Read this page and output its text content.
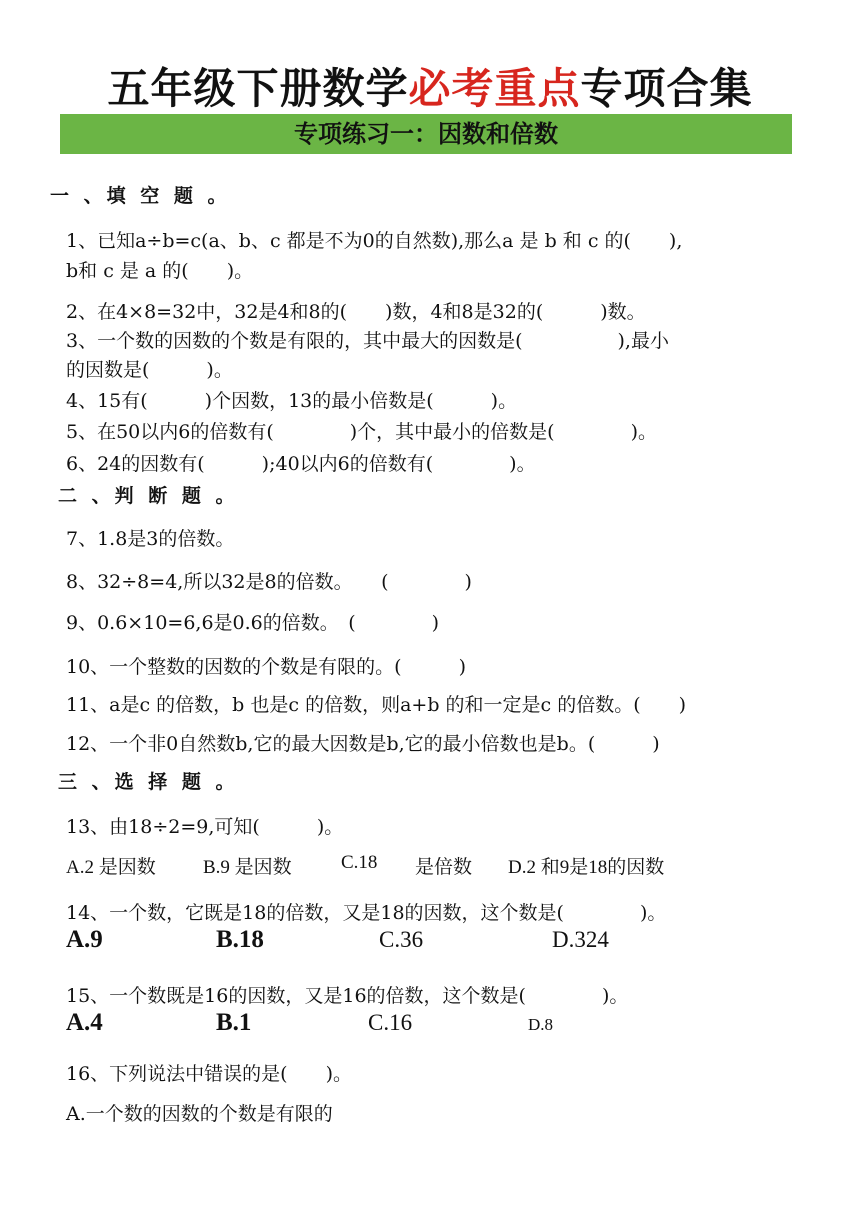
五年级下册数学必考重点专项合集
专项练习一：因数和倍数
一 、填 空 题 。
1、已知a÷b=c(a、b、c 都是不为0的自然数),那么a 是 b 和 c 的(　　),
b和 c 是 a 的(　　)。
2、在4×8=32中，32是4和8的(　　)数，4和8是32的(　　　)数。
3、一个数的因数的个数是有限的，其中最大的因数是(　　　　　),最小
的因数是(　　　)。
4、15有(　　　)个因数，13的最小倍数是(　　　)。
5、在50以内6的倍数有(　　　　)个，其中最小的倍数是(　　　　)。
6、24的因数有(　　　);40以内6的倍数有(　　　　)。
二 、判 断 题 。
7、1.8是3的倍数。
8、32÷8=4,所以32是8的倍数。　　(　　　　)
9、0.6×10=6,6是0.6的倍数。　(　　　　)
10、一个整数的因数的个数是有限的。(　　　)
11、a是c 的倍数，b 也是c 的倍数，则a+b 的和一定是c 的倍数。(　　)
12、一个非0自然数b,它的最大因数是b,它的最小倍数也是b。(　　　)
三 、选 择 题 。
13、由18÷2=9,可知(　　　)。
A.2 是因数 B.9 是因数	C.18 是倍数 D.2 和9是18的因数
14、一个数，它既是18的倍数，又是18的因数，这个数是(　　　　)。
A.9	B.18	C.36	D.324
15、一个数既是16的因数，又是16的倍数，这个数是(　　　　)。
A.4	B.1	C.16	D.8
16、下列说法中错误的是(　　)。
A.一个数的因数的个数是有限的
